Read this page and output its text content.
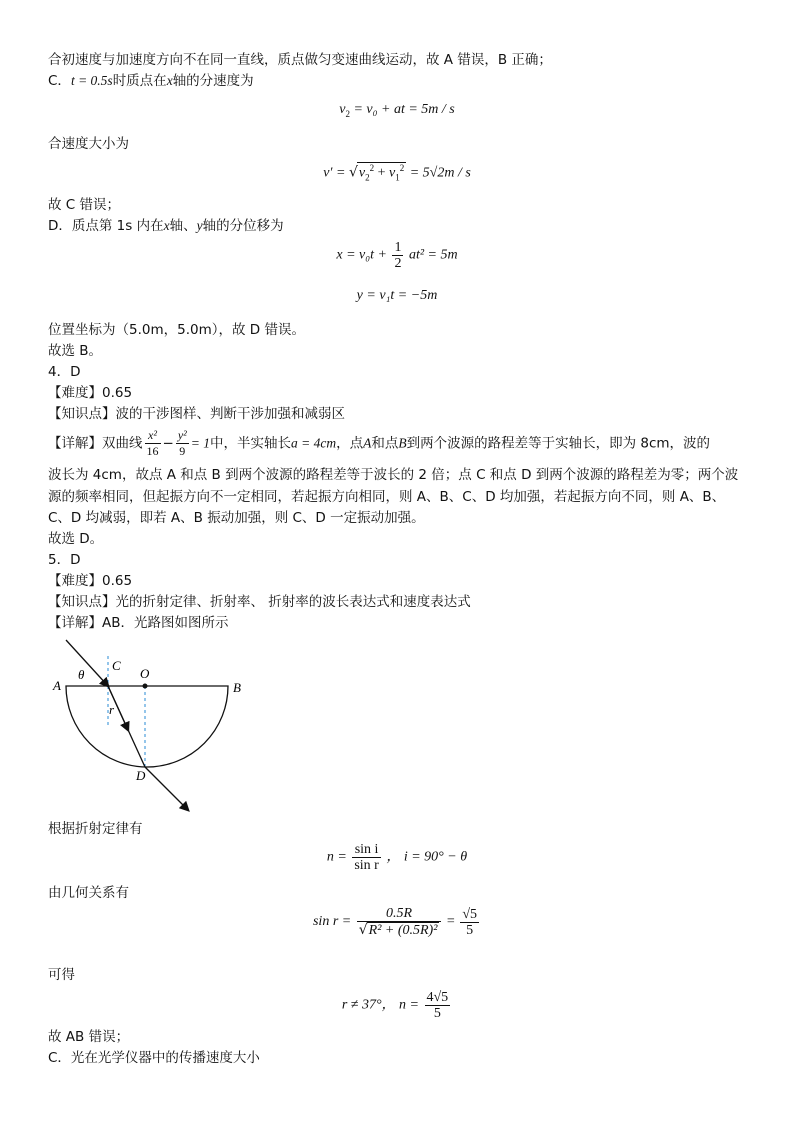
合初速度与加速度方向不在同一直线，质点做匀变速曲线运动，故 A 错误，B 正确；
C．t = 0.5s时质点在x轴的分速度为
$v_2 = v_0$ + at = 5m / s
合速度大小为
$v' = √v_2^2 + v_1^2 = 5√2m / s$
故 C 错误；
D．质点第 1s 内在x轴、y轴的分位移为
$x = v_0t + \frac{1}{2} at^2 = 5m$
y = v₁t = −5m
位置坐标为（5.0m，5.0m），故 D 错误。
故选 B。
4．D
【难度】0.65
【知识点】波的干涉图样、判断干涉加强和减弱区
【详解】双曲线 $\frac{\text{x²}}{16} - \frac{\text{y²}}{9} = 1$中，半实轴长a = 4cm，点A和点B到两个波源的路程差等于实轴长，即为 8cm，波的
波长为 4cm，故点 A 和点 B 到两个波源的路程差等于波长的 2 倍；点 C 和点 D 到两个波源的路程差为零；两个波
源的频率相同，但起振方向不一定相同，若起振方向相同，则 A、B、C、D 均加强，若起振方向不同，则 A、B、
C、D 均减弱，即若 A、B 振动加强，则 C、D 一定振动加强。
故选 D。
5．D
【难度】0.65
【知识点】光的折射定律、折射率、 折射率的波长表达式和速度表达式
【详解】AB．光路图如图所示
A	B
C
O
D
θ
r
根据折射定律有
$n = \frac{\text{sin i}}{\text{sin r}}$ ， i = 90° − θ
由几何关系有
$\sin r = \frac{0.5R}{\text{√R² + (0.5R)²}} = \frac{√5}{5}$
可得
r ≠ 37°， $n = \frac{4√5}{5}$
故 AB 错误；
C．光在光学仪器中的传播速度大小
